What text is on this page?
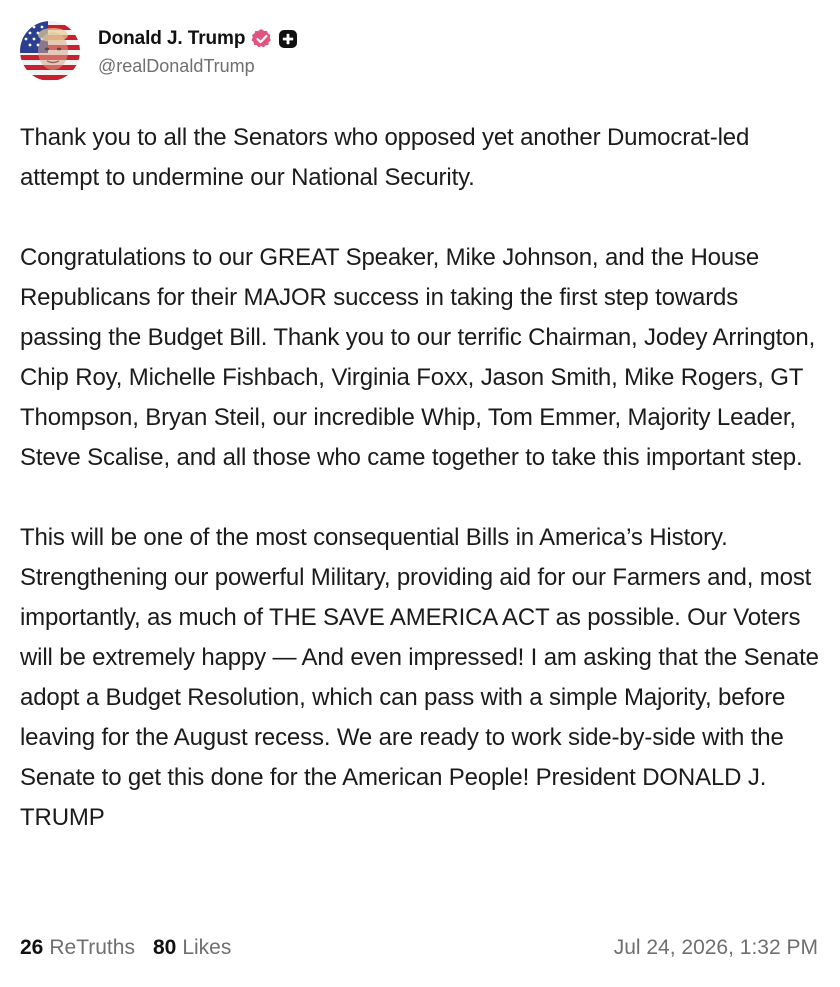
Donald J. Trump
@realDonaldTrump

Thank you to all the Senators who opposed yet another Dumocrat-led attempt to undermine our National Security.

Congratulations to our GREAT Speaker, Mike Johnson, and the House Republicans for their MAJOR success in taking the first step towards passing the Budget Bill. Thank you to our terrific Chairman, Jodey Arrington, Chip Roy, Michelle Fishbach, Virginia Foxx, Jason Smith, Mike Rogers, GT Thompson, Bryan Steil, our incredible Whip, Tom Emmer, Majority Leader, Steve Scalise, and all those who came together to take this important step.

This will be one of the most consequential Bills in America’s History. Strengthening our powerful Military, providing aid for our Farmers and, most importantly, as much of THE SAVE AMERICA ACT as possible. Our Voters will be extremely happy — And even impressed! I am asking that the Senate adopt a Budget Resolution, which can pass with a simple Majority, before leaving for the August recess. We are ready to work side-by-side with the Senate to get this done for the American People! President DONALD J. TRUMP

26 ReTruths 80 Likes	Jul 24, 2026, 1:32 PM
